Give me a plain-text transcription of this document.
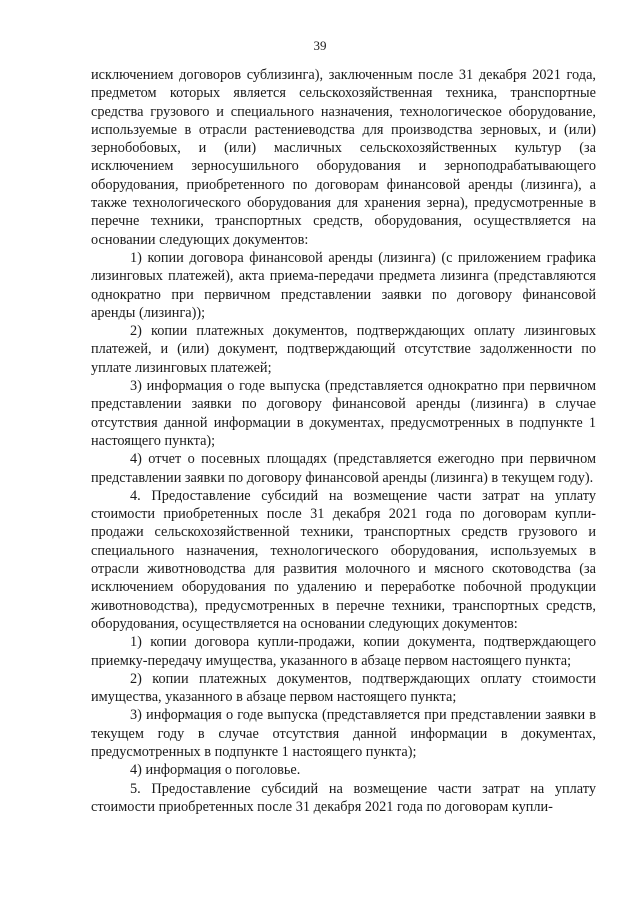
39

исключением договоров сублизинга), заключенным после 31 декабря 2021 года, предметом которых является сельскохозяйственная техника, транспортные средства грузового и специального назначения, технологическое оборудование, используемые в отрасли растениеводства для производства зерновых, и (или) зернобобовых, и (или) масличных сельскохозяйственных культур (за исключением зерносушильного оборудования и зерноподрабатывающего оборудования, приобретенного по договорам финансовой аренды (лизинга), а также технологического оборудования для хранения зерна), предусмотренные в перечне техники, транспортных средств, оборудования, осуществляется на основании следующих документов:

1) копии договора финансовой аренды (лизинга) (с приложением графика лизинговых платежей), акта приема-передачи предмета лизинга (представляются однократно при первичном представлении заявки по договору финансовой аренды (лизинга));

2) копии платежных документов, подтверждающих оплату лизинговых платежей, и (или) документ, подтверждающий отсутствие задолженности по уплате лизинговых платежей;

3) информация о годе выпуска (представляется однократно при первичном представлении заявки по договору финансовой аренды (лизинга) в случае отсутствия данной информации в документах, предусмотренных в подпункте 1 настоящего пункта);

4) отчет о посевных площадях (представляется ежегодно при первичном представлении заявки по договору финансовой аренды (лизинга) в текущем году).

4. Предоставление субсидий на возмещение части затрат на уплату стоимости приобретенных после 31 декабря 2021 года по договорам купли-продажи сельскохозяйственной техники, транспортных средств грузового и специального назначения, технологического оборудования, используемых в отрасли животноводства для развития молочного и мясного скотоводства (за исключением оборудования по удалению и переработке побочной продукции животноводства), предусмотренных в перечне техники, транспортных средств, оборудования, осуществляется на основании следующих документов:

1) копии договора купли-продажи, копии документа, подтверждающего приемку-передачу имущества, указанного в абзаце первом настоящего пункта;

2) копии платежных документов, подтверждающих оплату стоимости имущества, указанного в абзаце первом настоящего пункта;

3) информация о годе выпуска (представляется при представлении заявки в текущем году в случае отсутствия данной информации в документах, предусмотренных в подпункте 1 настоящего пункта);

4) информация о поголовье.

5. Предоставление субсидий на возмещение части затрат на уплату стоимости приобретенных после 31 декабря 2021 года по договорам купли-
